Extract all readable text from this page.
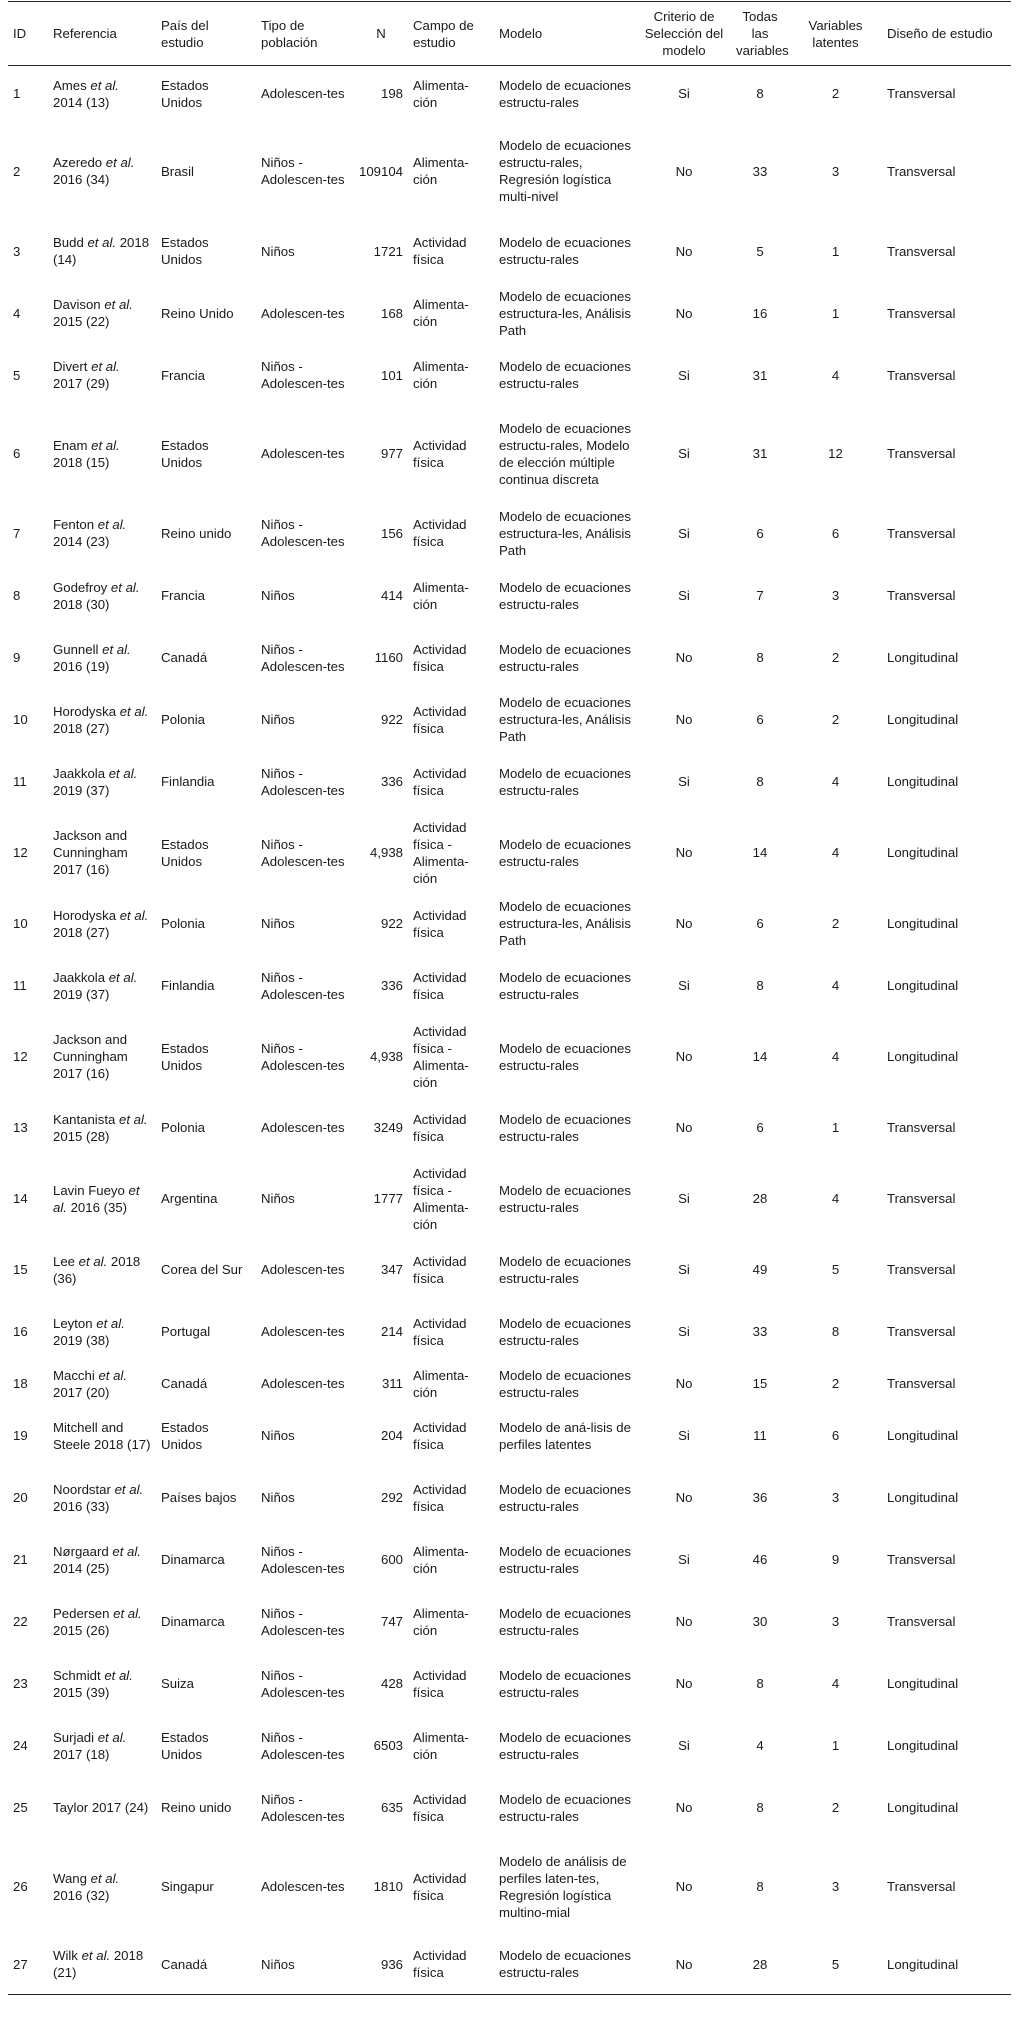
ID	Referencia	País del estudio	Tipo de población	N	Campo de estudio	Modelo	Criterio de Selección del modelo	Todas las variables	Variables latentes	Diseño de estudio
1	Ames et al. 2014 (13)	Estados Unidos	Adolescen-tes	198	Alimenta-ción	Modelo de ecuaciones estructu-rales	Si	8	2	Transversal
2	Azeredo et al. 2016 (34)	Brasil	Niños - Adolescen-tes	109104	Alimenta-ción	Modelo de ecuaciones estructu-rales, Regresión logística multi-nivel	No	33	3	Transversal
3	Budd et al. 2018 (14)	Estados Unidos	Niños	1721	Actividad física	Modelo de ecuaciones estructu-rales	No	5	1	Transversal
4	Davison et al. 2015 (22)	Reino Unido	Adolescen-tes	168	Alimenta-ción	Modelo de ecuaciones estructura-les, Análisis Path	No	16	1	Transversal
5	Divert et al. 2017 (29)	Francia	Niños - Adolescen-tes	101	Alimenta-ción	Modelo de ecuaciones estructu-rales	Si	31	4	Transversal
6	Enam et al. 2018 (15)	Estados Unidos	Adolescen-tes	977	Actividad física	Modelo de ecuaciones estructu-rales, Modelo de elección múltiple continua discreta	Si	31	12	Transversal
7	Fenton et al. 2014 (23)	Reino unido	Niños - Adolescen-tes	156	Actividad física	Modelo de ecuaciones estructura-les, Análisis Path	Si	6	6	Transversal
8	Godefroy et al. 2018 (30)	Francia	Niños	414	Alimenta-ción	Modelo de ecuaciones estructu-rales	Si	7	3	Transversal
9	Gunnell et al. 2016 (19)	Canadá	Niños - Adolescen-tes	1160	Actividad física	Modelo de ecuaciones estructu-rales	No	8	2	Longitudinal
10	Horodyska et al. 2018 (27)	Polonia	Niños	922	Actividad física	Modelo de ecuaciones estructura-les, Análisis Path	No	6	2	Longitudinal
11	Jaakkola et al. 2019 (37)	Finlandia	Niños - Adolescen-tes	336	Actividad física	Modelo de ecuaciones estructu-rales	Si	8	4	Longitudinal
12	Jackson and Cunningham 2017 (16)	Estados Unidos	Niños - Adolescen-tes	4,938	Actividad física - Alimenta-ción	Modelo de ecuaciones estructu-rales	No	14	4	Longitudinal
10	Horodyska et al. 2018 (27)	Polonia	Niños	922	Actividad física	Modelo de ecuaciones estructura-les, Análisis Path	No	6	2	Longitudinal
11	Jaakkola et al. 2019 (37)	Finlandia	Niños - Adolescen-tes	336	Actividad física	Modelo de ecuaciones estructu-rales	Si	8	4	Longitudinal
12	Jackson and Cunningham 2017 (16)	Estados Unidos	Niños - Adolescen-tes	4,938	Actividad física - Alimenta-ción	Modelo de ecuaciones estructu-rales	No	14	4	Longitudinal
13	Kantanista et al. 2015 (28)	Polonia	Adolescen-tes	3249	Actividad física	Modelo de ecuaciones estructu-rales	No	6	1	Transversal
14	Lavin Fueyo et al. 2016 (35)	Argentina	Niños	1777	Actividad física - Alimenta-ción	Modelo de ecuaciones estructu-rales	Si	28	4	Transversal
15	Lee et al. 2018 (36)	Corea del Sur	Adolescen-tes	347	Actividad física	Modelo de ecuaciones estructu-rales	Si	49	5	Transversal
16	Leyton et al. 2019 (38)	Portugal	Adolescen-tes	214	Actividad física	Modelo de ecuaciones estructu-rales	Si	33	8	Transversal
18	Macchi et al. 2017 (20)	Canadá	Adolescen-tes	311	Alimenta-ción	Modelo de ecuaciones estructu-rales	No	15	2	Transversal
19	Mitchell and Steele 2018 (17)	Estados Unidos	Niños	204	Actividad física	Modelo de aná-lisis de perfiles latentes	Si	11	6	Longitudinal
20	Noordstar et al. 2016 (33)	Países bajos	Niños	292	Actividad física	Modelo de ecuaciones estructu-rales	No	36	3	Longitudinal
21	Nørgaard et al. 2014 (25)	Dinamarca	Niños - Adolescen-tes	600	Alimenta-ción	Modelo de ecuaciones estructu-rales	Si	46	9	Transversal
22	Pedersen et al. 2015 (26)	Dinamarca	Niños - Adolescen-tes	747	Alimenta-ción	Modelo de ecuaciones estructu-rales	No	30	3	Transversal
23	Schmidt et al. 2015 (39)	Suiza	Niños - Adolescen-tes	428	Actividad física	Modelo de ecuaciones estructu-rales	No	8	4	Longitudinal
24	Surjadi et al. 2017 (18)	Estados Unidos	Niños - Adolescen-tes	6503	Alimenta-ción	Modelo de ecuaciones estructu-rales	Si	4	1	Longitudinal
25	Taylor 2017 (24)	Reino unido	Niños - Adolescen-tes	635	Actividad física	Modelo de ecuaciones estructu-rales	No	8	2	Longitudinal
26	Wang et al. 2016 (32)	Singapur	Adolescen-tes	1810	Actividad física	Modelo de análisis de perfiles laten-tes, Regresión logística multino-mial	No	8	3	Transversal
27	Wilk et al. 2018 (21)	Canadá	Niños	936	Actividad física	Modelo de ecuaciones estructu-rales	No	28	5	Longitudinal
